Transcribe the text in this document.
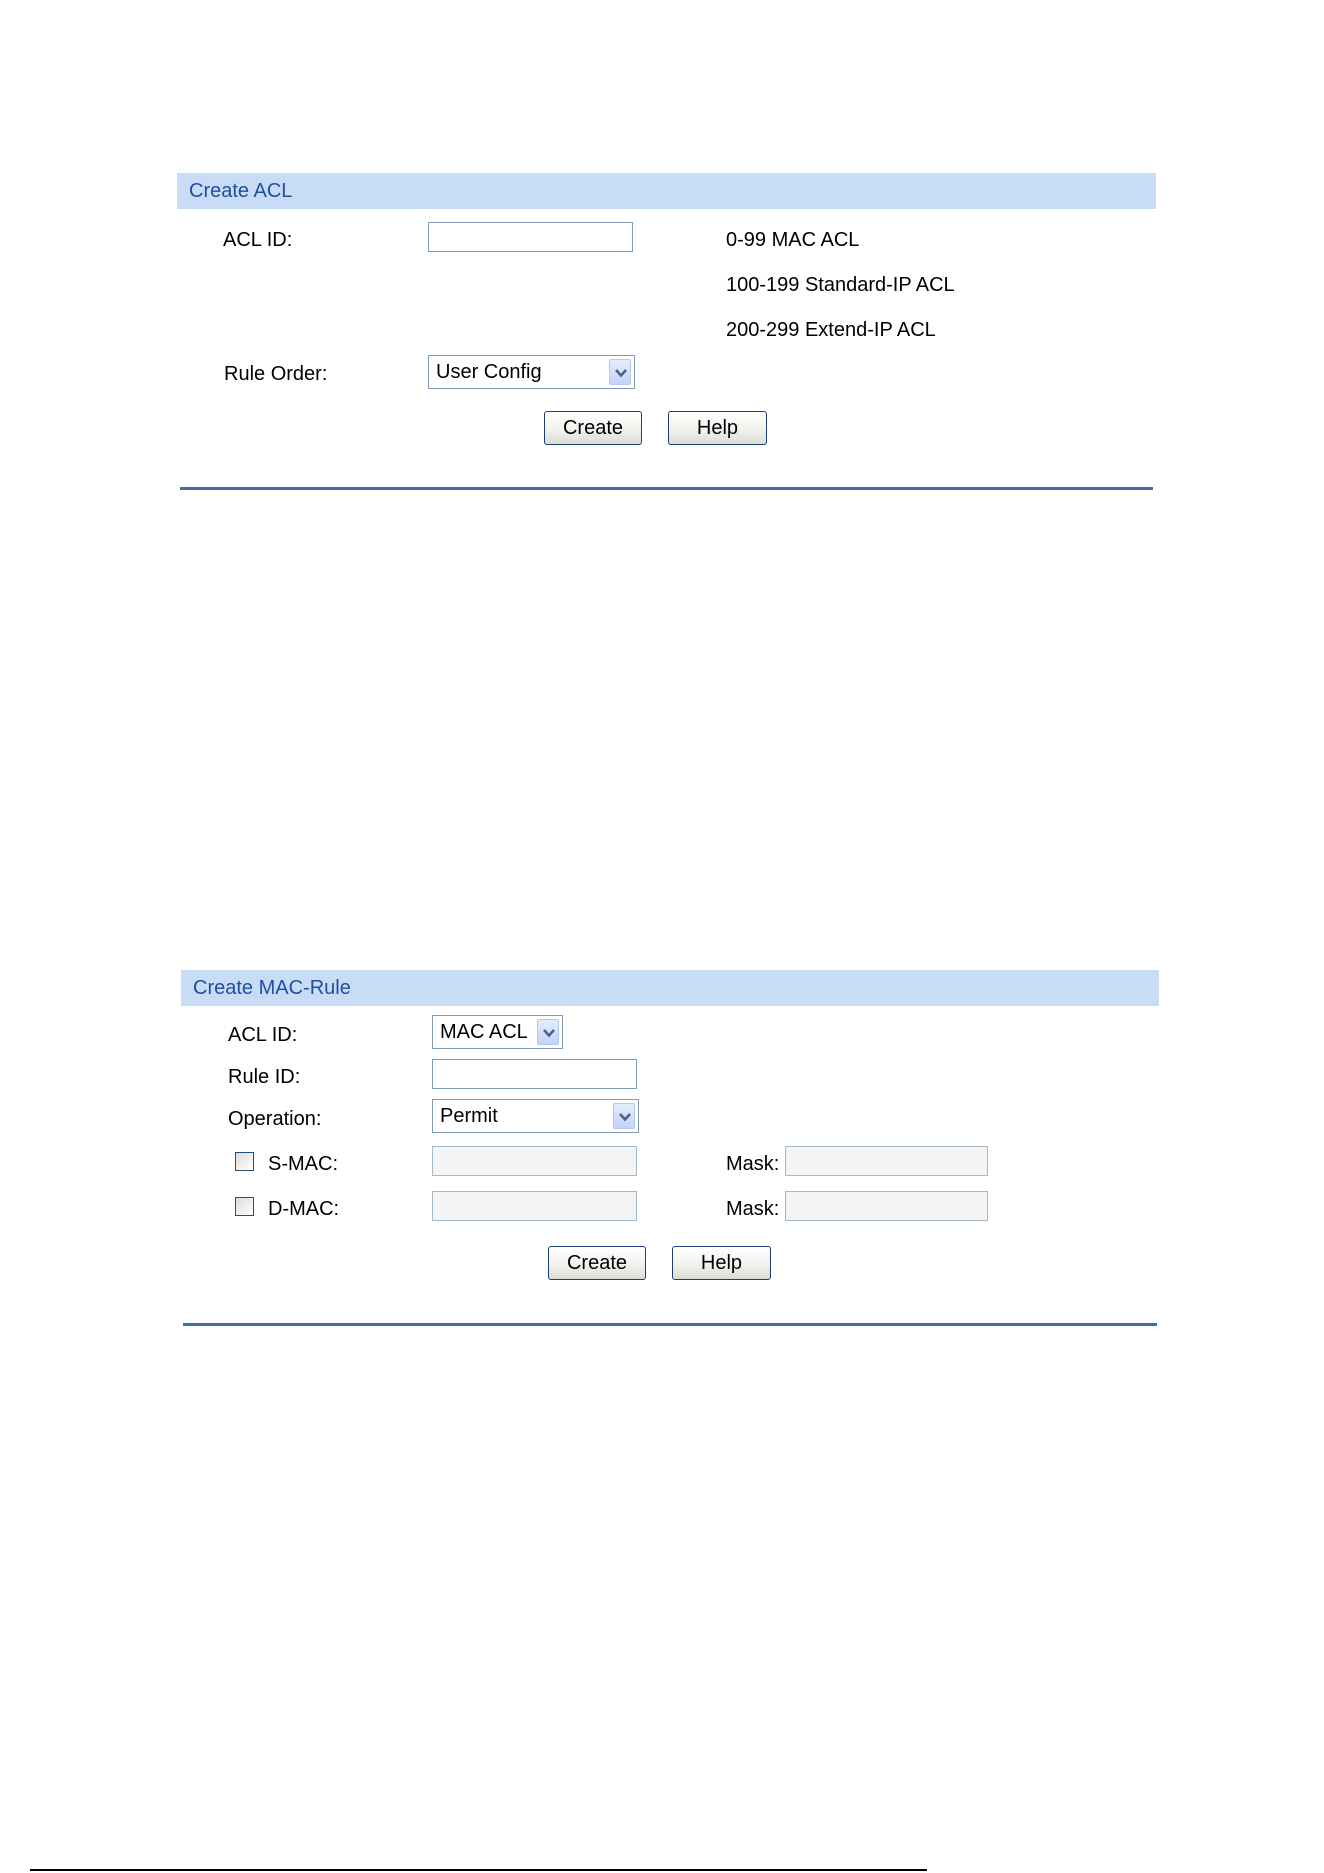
Create ACL
ACL ID:	0-99 MAC ACL
100-199 Standard-IP ACL
200-299 Extend-IP ACL
Rule Order:	User Config
Create	Help
Create MAC-Rule
ACL ID:	MAC ACL
Rule ID:
Operation:	Permit
S-MAC:	Mask:
D-MAC:	Mask:
Create	Help
